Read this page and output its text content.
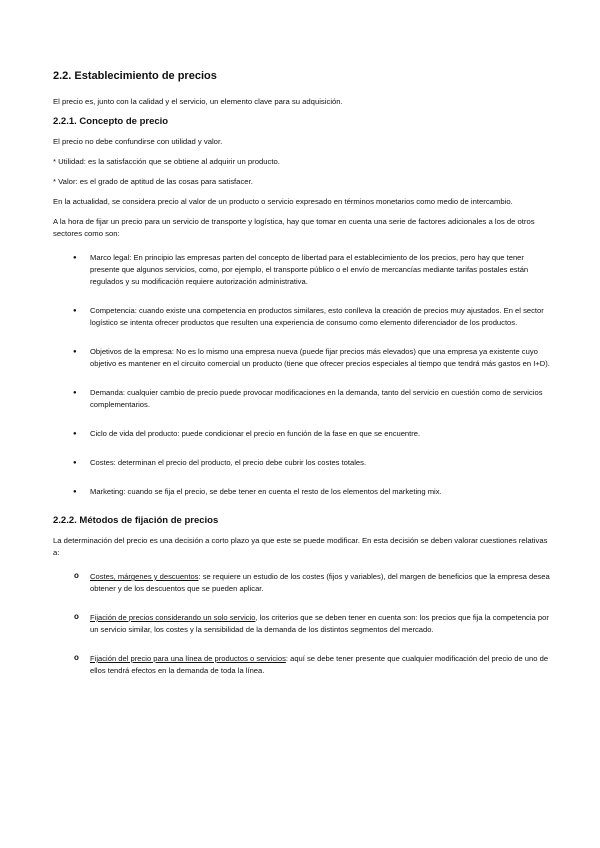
2.2. Establecimiento de precios

El precio es, junto con la calidad y el servicio, un elemento clave para su adquisición.

2.2.1. Concepto de precio

El precio no debe confundirse con utilidad y valor.

* Utilidad: es la satisfacción que se obtiene al adquirir un producto.

* Valor: es el grado de aptitud de las cosas para satisfacer.

En la actualidad, se considera precio al valor de un producto o servicio expresado en términos monetarios como medio de intercambio.

A la hora de fijar un precio para un servicio de transporte y logística, hay que tomar en cuenta una serie de factores adicionales a los de otros sectores como son:

● Marco legal: En principio las empresas parten del concepto de libertad para el establecimiento de los precios, pero hay que tener presente que algunos servicios, como, por ejemplo, el transporte público o el envío de mercancías mediante tarifas postales están regulados y su modificación requiere autorización administrativa.
● Competencia: cuando existe una competencia en productos similares, esto conlleva la creación de precios muy ajustados. En el sector logístico se intenta ofrecer productos que resulten una experiencia de consumo como elemento diferenciador de los productos.
● Objetivos de la empresa: No es lo mismo una empresa nueva (puede fijar precios más elevados) que una empresa ya existente cuyo objetivo es mantener en el circuito comercial un producto (tiene que ofrecer precios especiales al tiempo que tendrá más gastos en I+D).
● Demanda: cualquier cambio de precio puede provocar modificaciones en la demanda, tanto del servicio en cuestión como de servicios complementarios.
● Ciclo de vida del producto: puede condicionar el precio en función de la fase en que se encuentre.
● Costes: determinan el precio del producto, el precio debe cubrir los costes totales.
● Marketing: cuando se fija el precio, se debe tener en cuenta el resto de los elementos del marketing mix.
2.2.2. Métodos de fijación de precios

La determinación del precio es una decisión a corto plazo ya que este se puede modificar. En esta decisión se deben valorar cuestiones relativas a:

o Costes, márgenes y descuentos: se requiere un estudio de los costes (fijos y variables), del margen de beneficios que la empresa desea obtener y de los descuentos que se pueden aplicar.
o Fijación de precios considerando un solo servicio, los criterios que se deben tener en cuenta son: los precios que fija la competencia por un servicio similar, los costes y la sensibilidad de la demanda de los distintos segmentos del mercado.
o Fijación del precio para una línea de productos o servicios: aquí se debe tener presente que cualquier modificación del precio de uno de ellos tendrá efectos en la demanda de toda la línea.
